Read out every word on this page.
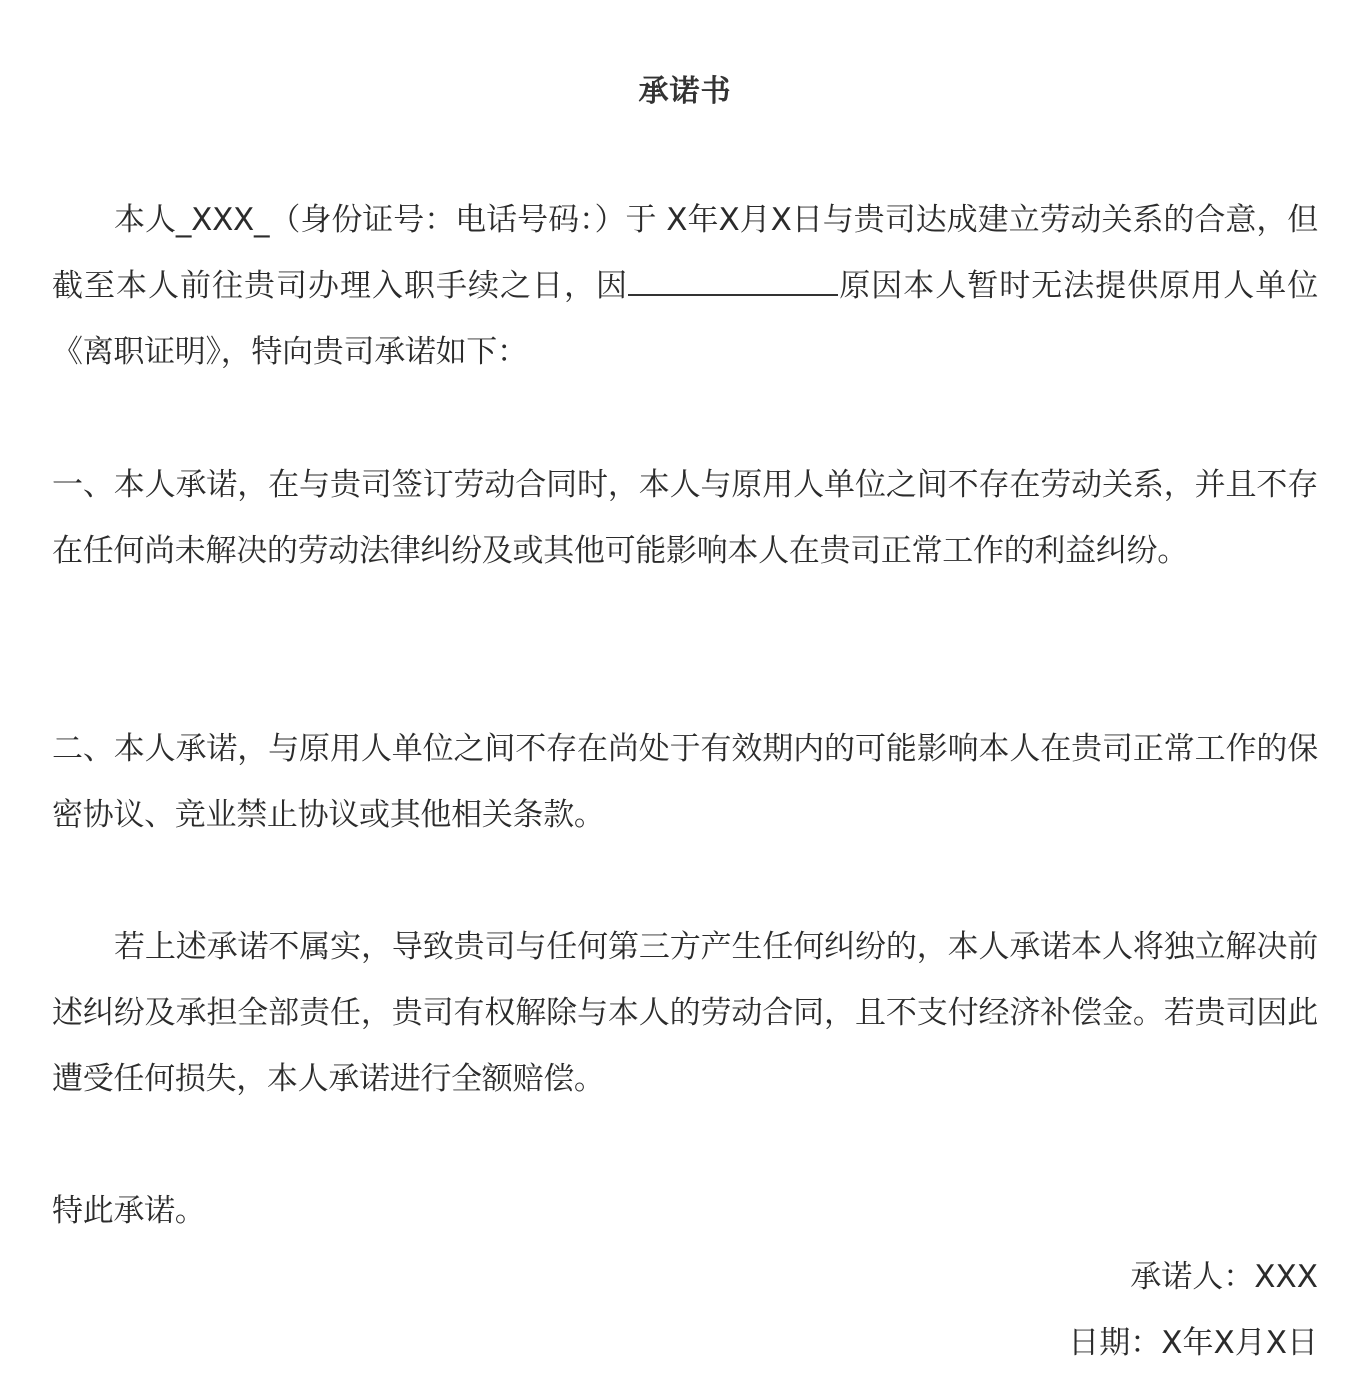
承诺书
本人_XXX_（身份证号：电话号码：）于 X年X月X日与贵司达成建立劳动关系的合意，但截至本人前往贵司办理入职手续之日，因	原因本人暂时无法提供原用人单位《离职证明》，特向贵司承诺如下：
一、本人承诺，在与贵司签订劳动合同时，本人与原用人单位之间不存在劳动关系，并且不存在任何尚未解决的劳动法律纠纷及或其他可能影响本人在贵司正常工作的利益纠纷。
二、本人承诺，与原用人单位之间不存在尚处于有效期内的可能影响本人在贵司正常工作的保密协议、竞业禁止协议或其他相关条款。
若上述承诺不属实，导致贵司与任何第三方产生任何纠纷的，本人承诺本人将独立解决前述纠纷及承担全部责任，贵司有权解除与本人的劳动合同，且不支付经济补偿金。若贵司因此遭受任何损失，本人承诺进行全额赔偿。
特此承诺。
承诺人：XXX
日期：X年X月X日
